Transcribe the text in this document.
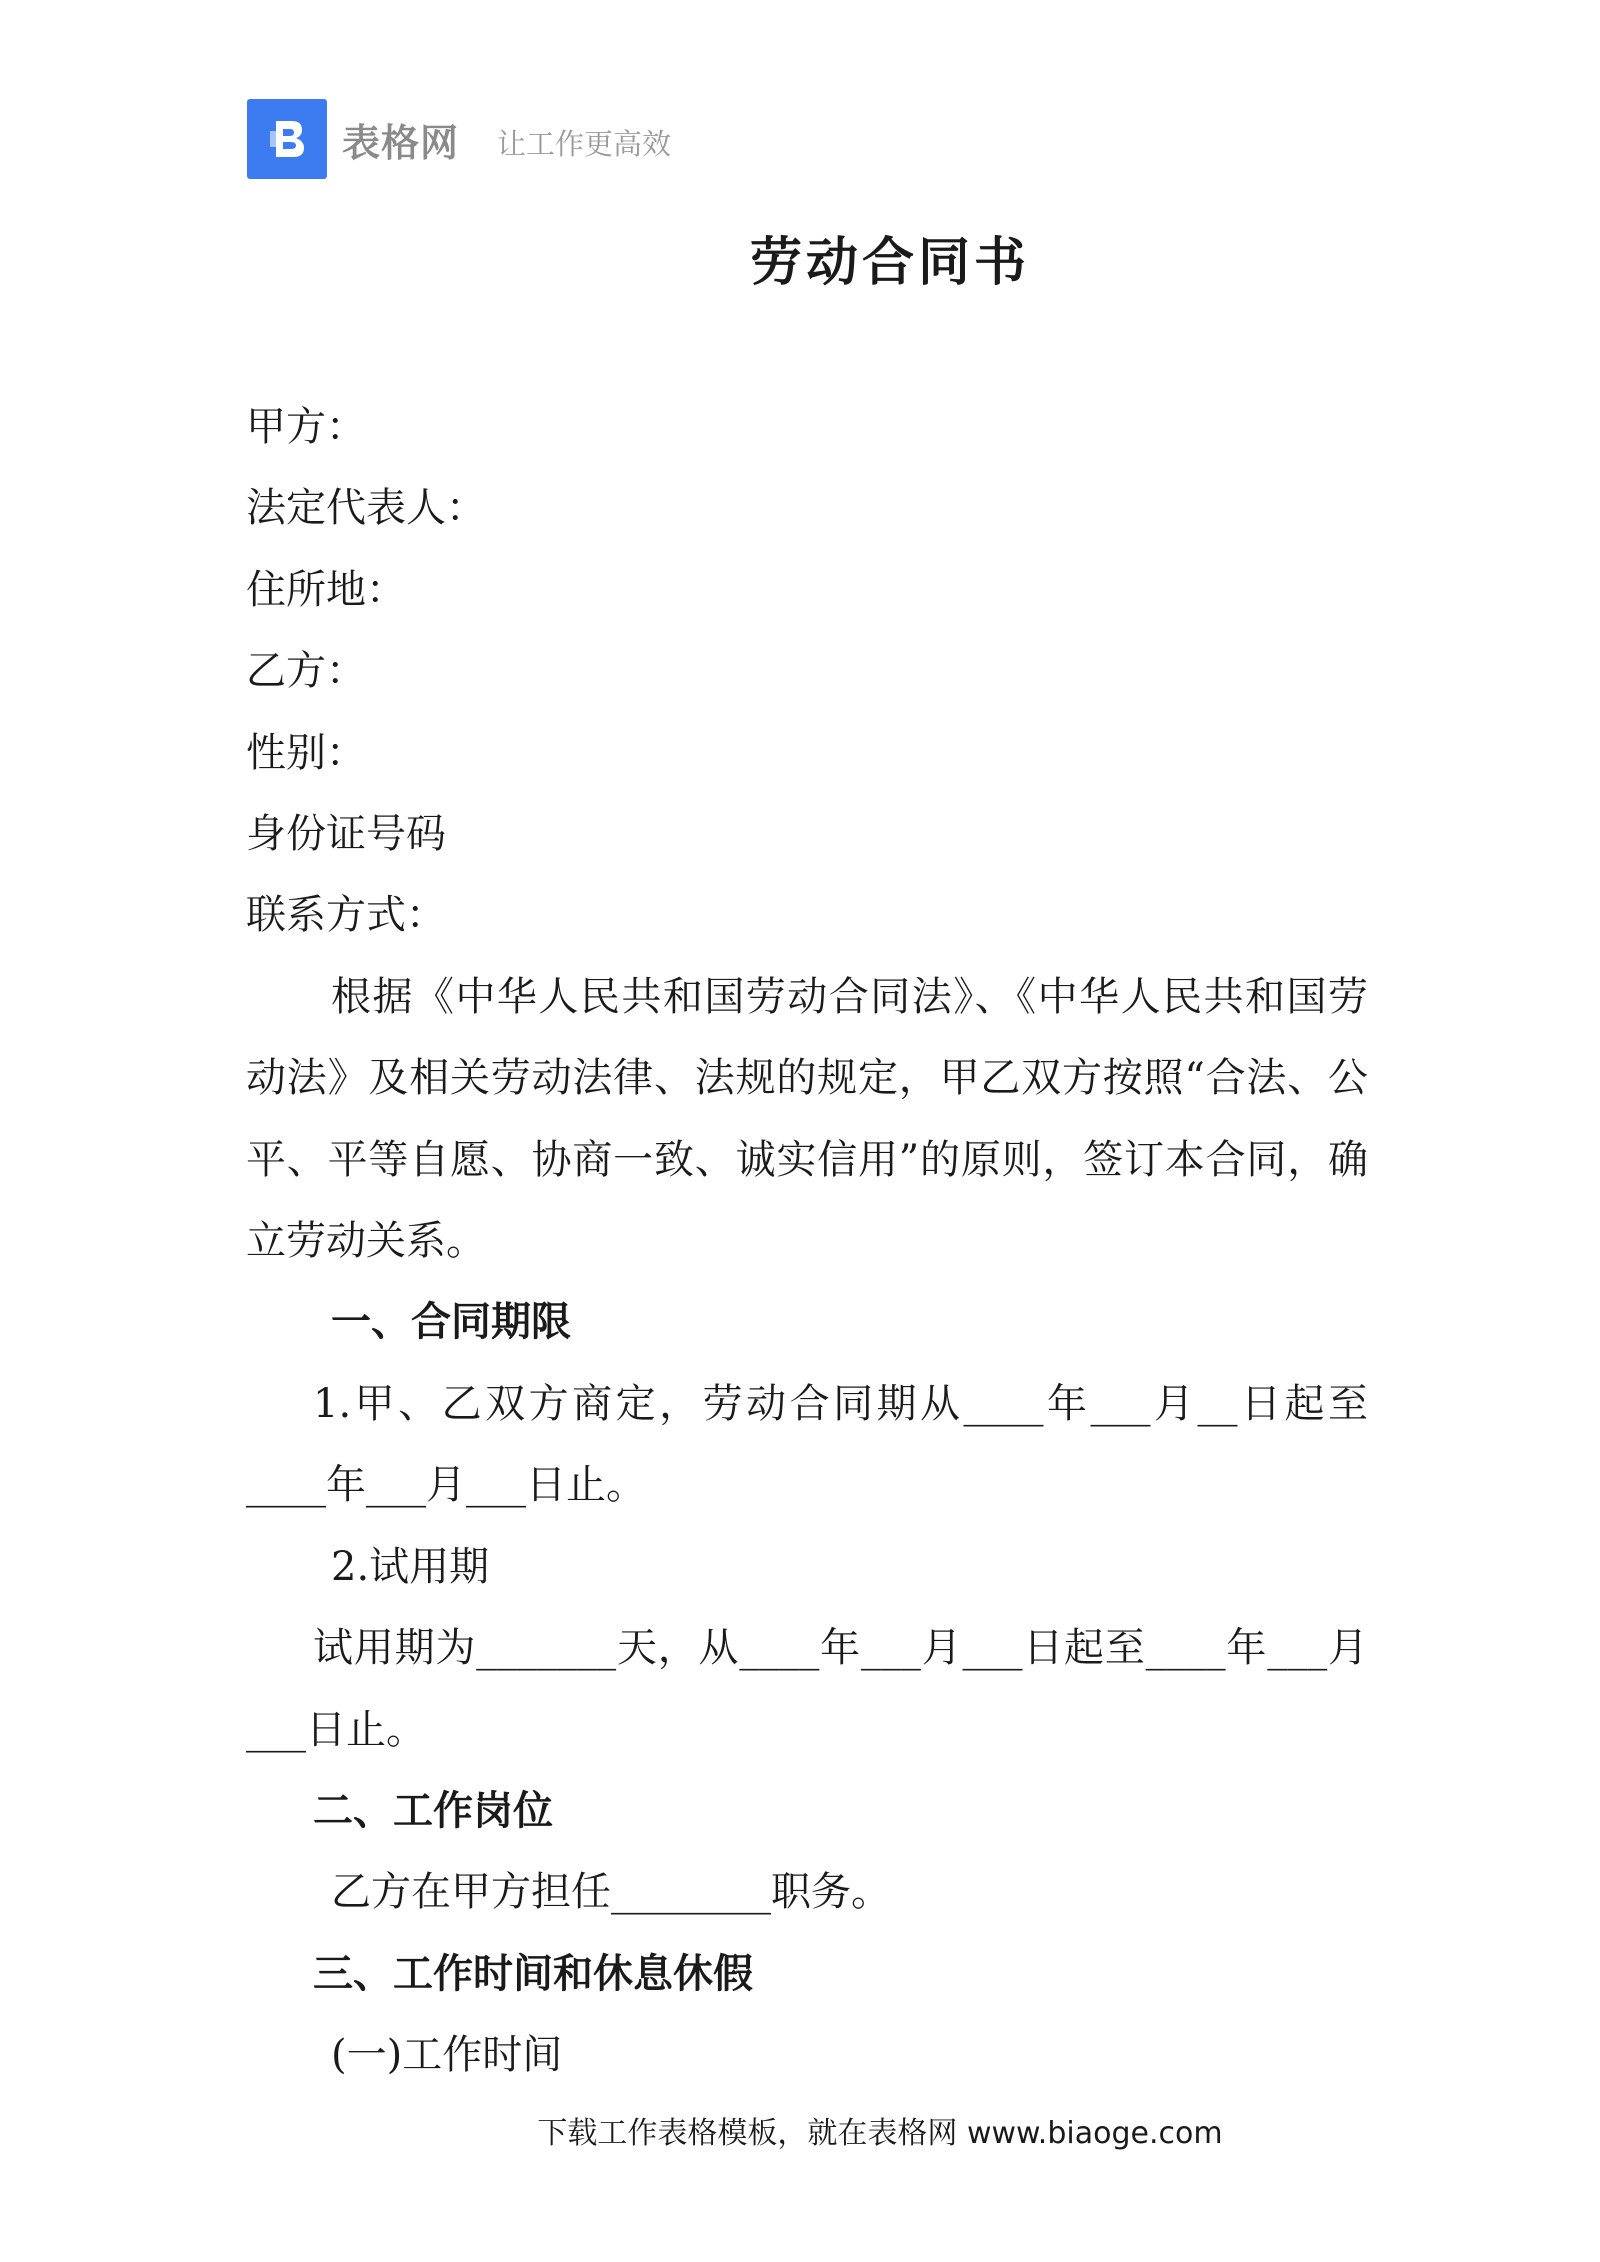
表格网 让工作更高效
劳动合同书

甲方：

法定代表人：

住所地：

乙方：

性别：

身份证号码

联系方式：

根据《中华人民共和国劳动合同法》、《中华人民共和国劳动法》及相关劳动法律、法规的规定，甲乙双方按照“合法、公平、平等自愿、协商一致、诚实信用”的原则，签订本合同，确立劳动关系。

一、合同期限

1.甲、乙双方商定，劳动合同期从____年___月__日起至____年___月___日止。

2.试用期

试用期为_______天，从____年___月___日起至____年___月___日止。

二、工作岗位

乙方在甲方担任________职务。

三、工作时间和休息休假

(一)工作时间

下载工作表格模板，就在表格网 www.biaoge.com
